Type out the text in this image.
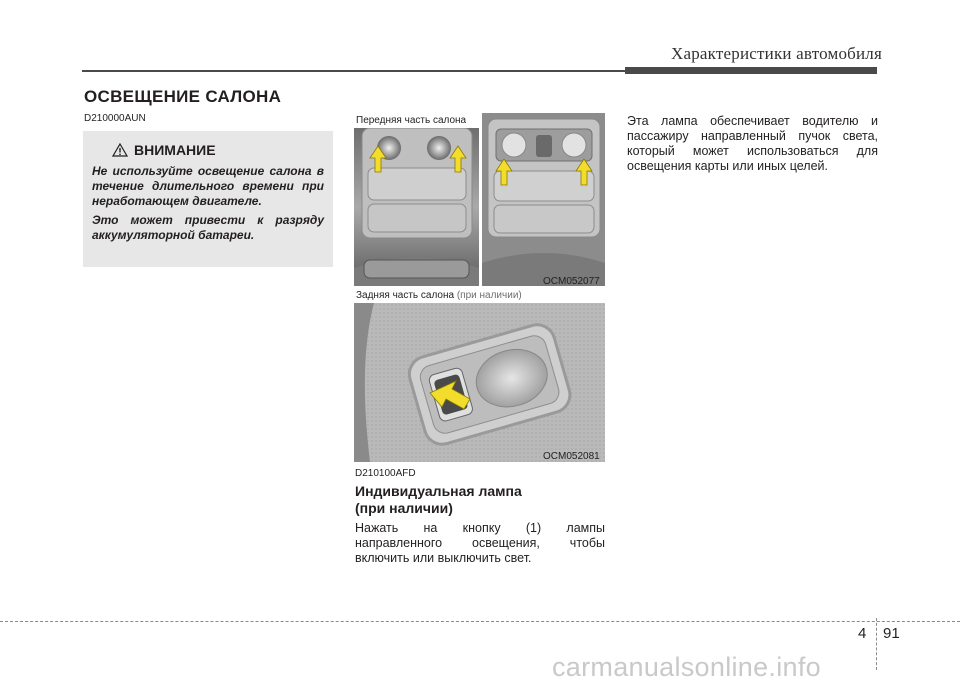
Характеристики автомобиля
ОСВЕЩЕНИЕ САЛОНА
D210000AUN
ВНИМАНИЕ

Не используйте освещение салона в течение длительного времени при неработающем двигателе.

Это может привести к разряду аккумуляторной батареи.

Передняя часть салона
OCM052077
Задняя часть салона (при наличии)
OCM052081
D210100AFD
Индивидуальная лампа
(при наличии)

Нажать на кнопку (1) лампы направленного освещения, чтобы включить или выключить свет.

Эта лампа обеспечивает водителю и пассажиру направленный пучок света, который может использоваться для освещения карты или иных целей.

4 91
carmanualsonline.info
